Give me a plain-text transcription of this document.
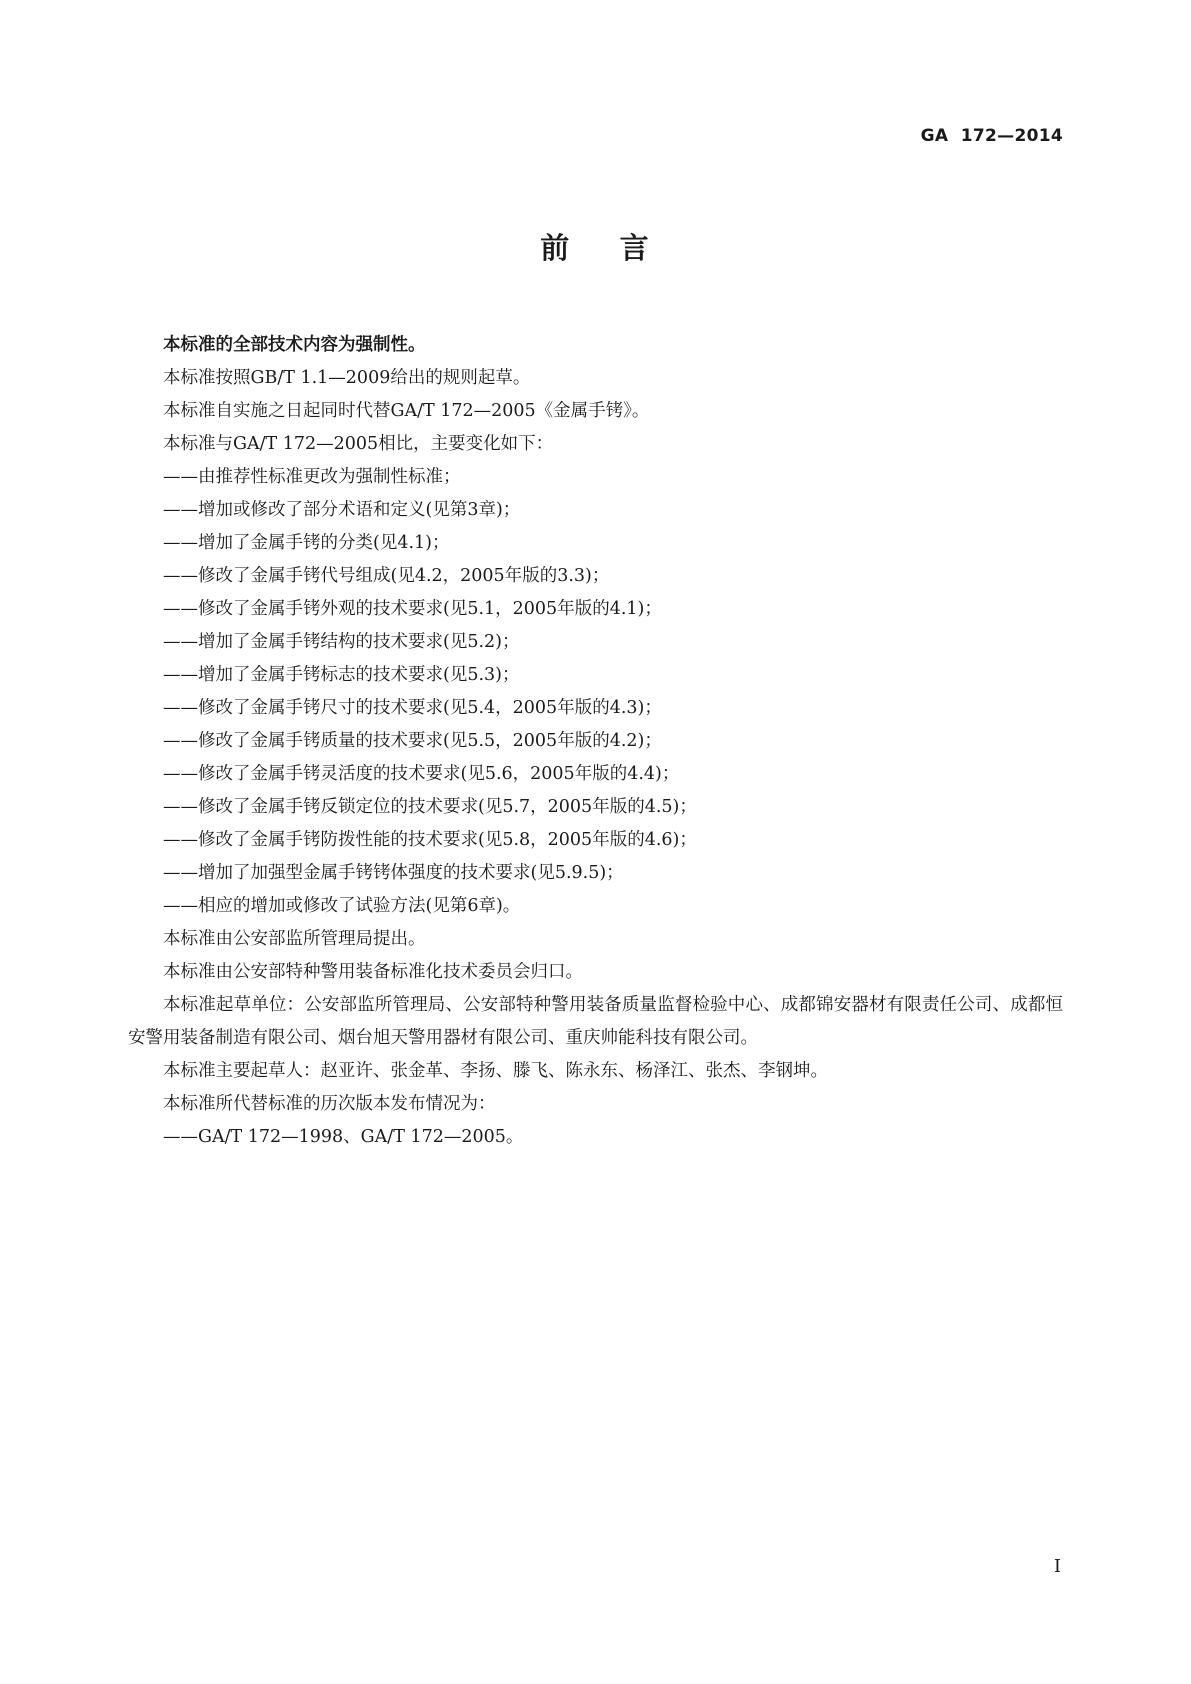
GA  172—2014
前    言

本标准的全部技术内容为强制性。

本标准按照GB/T 1.1—2009给出的规则起草。

本标准自实施之日起同时代替GA/T 172—2005《金属手铐》。

本标准与GA/T 172—2005相比，主要变化如下：

——由推荐性标准更改为强制性标准；

——增加或修改了部分术语和定义(见第3章)；

——增加了金属手铐的分类(见4.1)；

——修改了金属手铐代号组成(见4.2，2005年版的3.3)；

——修改了金属手铐外观的技术要求(见5.1，2005年版的4.1)；

——增加了金属手铐结构的技术要求(见5.2)；

——增加了金属手铐标志的技术要求(见5.3)；

——修改了金属手铐尺寸的技术要求(见5.4，2005年版的4.3)；

——修改了金属手铐质量的技术要求(见5.5，2005年版的4.2)；

——修改了金属手铐灵活度的技术要求(见5.6，2005年版的4.4)；

——修改了金属手铐反锁定位的技术要求(见5.7，2005年版的4.5)；

——修改了金属手铐防拨性能的技术要求(见5.8，2005年版的4.6)；

——增加了加强型金属手铐铐体强度的技术要求(见5.9.5)；

——相应的增加或修改了试验方法(见第6章)。

本标准由公安部监所管理局提出。

本标准由公安部特种警用装备标准化技术委员会归口。

本标准起草单位：公安部监所管理局、公安部特种警用装备质量监督检验中心、成都锦安器材有限责任公司、成都恒安警用装备制造有限公司、烟台旭天警用器材有限公司、重庆帅能科技有限公司。

本标准主要起草人：赵亚许、张金革、李扬、滕飞、陈永东、杨泽江、张杰、李钢坤。

本标准所代替标准的历次版本发布情况为：

——GA/T 172—1998、GA/T 172—2005。

I
